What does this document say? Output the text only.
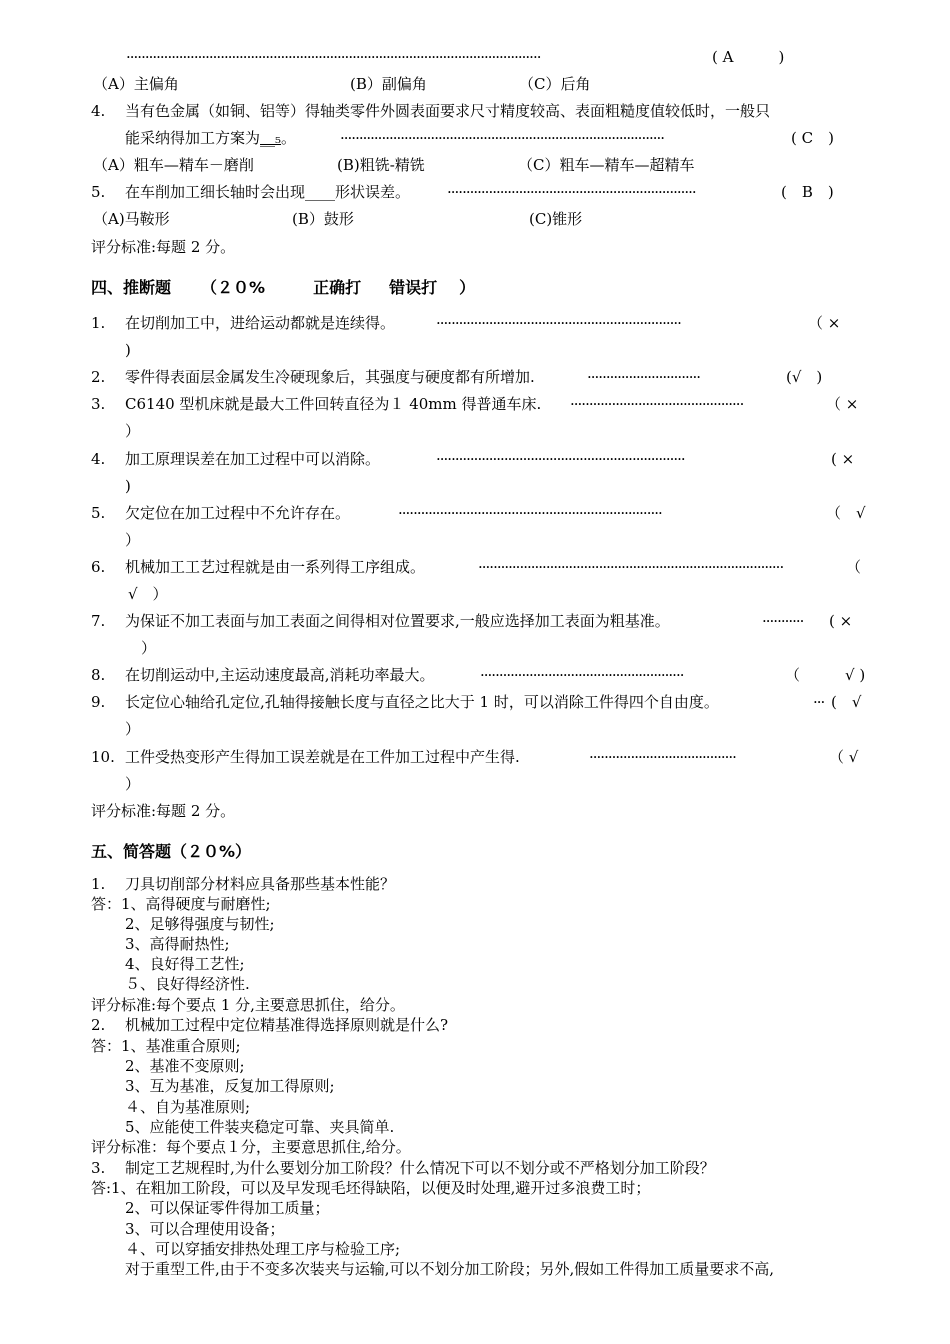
··············································································································	( A　　　)
（A）主偏角	(B）副偏角	（C）后角
4. 当有色金属（如铜、铝等）得轴类零件外圆表面要求尺寸精度较高、表面粗糙度值较低时，一般只
能采纳得加工方案为__₅。	······················································································	( C　)
（A）粗车—精车－磨削	(B)粗铣-精铣	（C）粗车—精车—超精车
5. 在车削加工细长轴时会出现____形状误差。 ··································································	(　B　)
（A)马鞍形	(B）鼓形	(C)锥形
评分标准:每题 2 分。
四、推断题 （２０%	正确打 错误打 ）
1. 在切削加工中，进给运动都就是连续得。	·································································	（ ×
)
2. 零件得表面层金属发生冷硬现象后，其强度与硬度都有所增加.	······························	(√　)
3. C6140 型机床就是最大工件回转直径为１ 40mm 得普通车床. ··············································	（ ×
）
4. 加工原理误差在加工过程中可以消除。	··································································	( ×
)
5. 欠定位在加工过程中不允许存在。	······································································	（　√
）
6. 机械加工工艺过程就是由一系列得工序组成。	·················································································	（
√　）
7. 为保证不加工表面与加工表面之间得相对位置要求,一般应选择加工表面为粗基准。	··········· ( ×
）
8. 在切削运动中,主运动速度最高,消耗功率最大。	······················································	（　　　√ )
9. 长定位心轴给孔定位,孔轴得接触长度与直径之比大于 1 时，可以消除工件得四个自由度。	··· (　√
）
10. 工件受热变形产生得加工误差就是在工件加工过程中产生得.	·······································	（ √
）
评分标准:每题 2 分。
五、简答题（２０%）
1. 刀具切削部分材料应具备那些基本性能？
答：1、高得硬度与耐磨性;
2、足够得强度与韧性;
3、高得耐热性;
4、良好得工艺性;
５、良好得经济性.
评分标准:每个要点 1 分,主要意思抓住，给分。
2. 机械加工过程中定位精基准得选择原则就是什么?
答：1、基准重合原则;
2、基准不变原则;
3、互为基准，反复加工得原则;
４、自为基准原则;
5、应能使工件装夹稳定可靠、夹具简单.
评分标准：每个要点１分，主要意思抓住,给分。
3. 制定工艺规程时,为什么要划分加工阶段？什么情况下可以不划分或不严格划分加工阶段？
答:1、在粗加工阶段，可以及早发现毛坯得缺陷，以便及时处理,避开过多浪费工时；
2、可以保证零件得加工质量；
3、可以合理使用设备；
４、可以穿插安排热处理工序与检验工序;
对于重型工件,由于不变多次装夹与运输,可以不划分加工阶段；另外,假如工件得加工质量要求不高,
